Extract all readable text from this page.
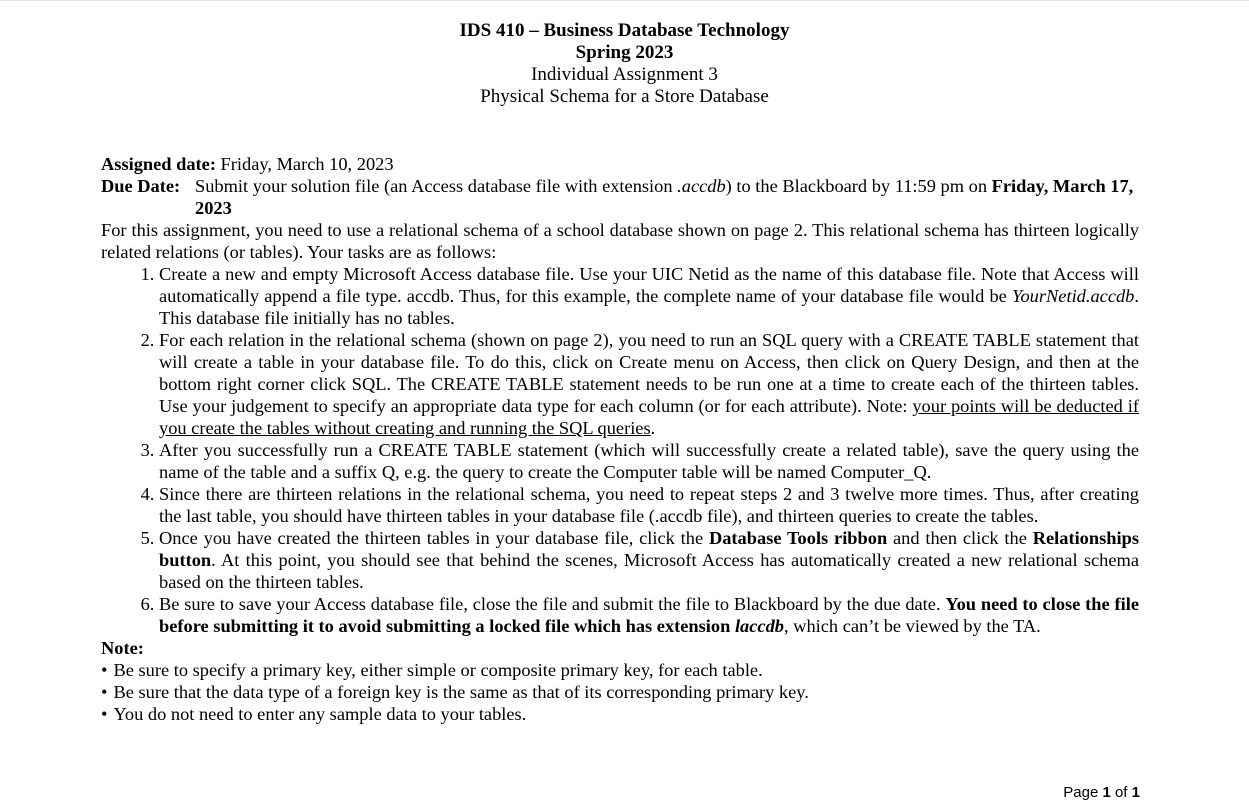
IDS 410 – Business Database Technology
Spring 2023
Individual Assignment 3
Physical Schema for a Store Database

Assigned date: Friday, March 10, 2023

Due Date: Submit your solution file (an Access database file with extension .accdb) to the Blackboard by 11:59 pm on Friday, March 17, 2023

For this assignment, you need to use a relational schema of a school database shown on page 2. This relational schema has thirteen logically related relations (or tables). Your tasks are as follows:

1. Create a new and empty Microsoft Access database file. Use your UIC Netid as the name of this database file. Note that Access will automatically append a file type. accdb. Thus, for this example, the complete name of your database file would be YourNetid.accdb. This database file initially has no tables.
2. For each relation in the relational schema (shown on page 2), you need to run an SQL query with a CREATE TABLE statement that will create a table in your database file. To do this, click on Create menu on Access, then click on Query Design, and then at the bottom right corner click SQL. The CREATE TABLE statement needs to be run one at a time to create each of the thirteen tables. Use your judgement to specify an appropriate data type for each column (or for each attribute). Note: your points will be deducted if you create the tables without creating and running the SQL queries.
3. After you successfully run a CREATE TABLE statement (which will successfully create a related table), save the query using the name of the table and a suffix Q, e.g. the query to create the Computer table will be named Computer_Q.
4. Since there are thirteen relations in the relational schema, you need to repeat steps 2 and 3 twelve more times. Thus, after creating the last table, you should have thirteen tables in your database file (.accdb file), and thirteen queries to create the tables.
5. Once you have created the thirteen tables in your database file, click the Database Tools ribbon and then click the Relationships button. At this point, you should see that behind the scenes, Microsoft Access has automatically created a new relational schema based on the thirteen tables.
6. Be sure to save your Access database file, close the file and submit the file to Blackboard by the due date. You need to close the file before submitting it to avoid submitting a locked file which has extension laccdb, which can’t be viewed by the TA.

Note:

• Be sure to specify a primary key, either simple or composite primary key, for each table.
• Be sure that the data type of a foreign key is the same as that of its corresponding primary key.
• You do not need to enter any sample data to your tables.
Page 1 of 1
